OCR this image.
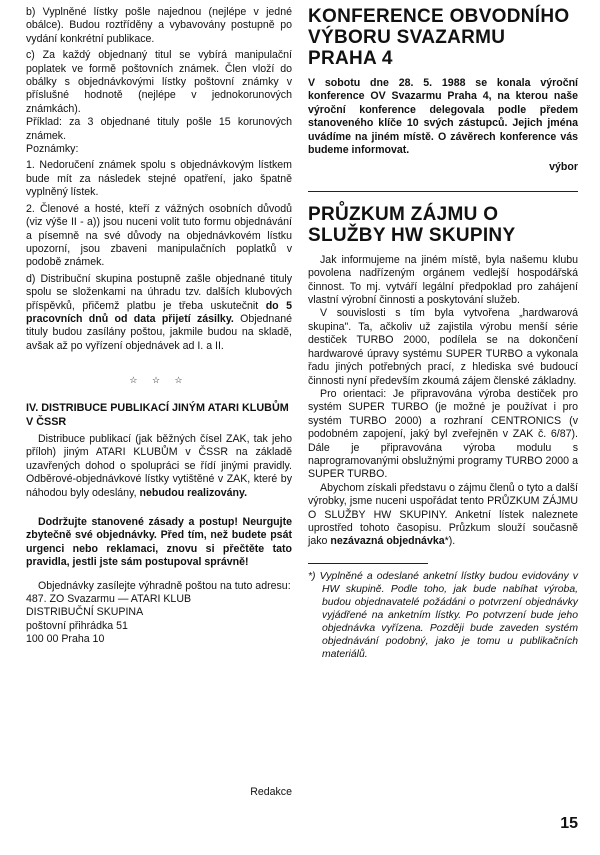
b) Vyplněné lístky pošle najednou (nejlépe v jedné obálce). Budou roztříděny a vybavovány postupně po vydání konkrétní publikace.

c) Za každý objednaný titul se vybírá manipulační poplatek ve formě poštovních známek. Člen vloží do obálky s objednávkovými lístky poštovní známky v příslušné hodnotě (nejlépe v jednokorunových známkách).

Příklad: za 3 objednané tituly pošle 15 korunových známek.

Poznámky:

1. Nedoručení známek spolu s objednávkovým lístkem bude mít za následek stejné opatření, jako špatně vyplněný lístek.

2. Členové a hosté, kteří z vážných osobních důvodů (viz výše II - a)) jsou nuceni volit tuto formu objednávání a písemně na své důvody na objednávkovém lístku upozorní, jsou zbaveni manipulačních poplatků v podobě známek.

d) Distribuční skupina postupně zašle objednané tituly spolu se složenkami na úhradu tzv. dalších klubových příspěvků, přičemž platbu je třeba uskutečnit do 5 pracovních dnů od data přijetí zásilky. Objednané tituly budou zasílány poštou, jakmile budou na skladě, avšak až po vyřízení objednávek ad I. a II.

☆ ☆ ☆
IV. DISTRIBUCE PUBLIKACÍ JINÝM ATARI KLUBŮM V ČSSR

Distribuce publikací (jak běžných čísel ZAK, tak jeho příloh) jiným ATARI KLUBŮM v ČSSR na základě uzavřených dohod o spolupráci se řídí jinými pravidly. Odběrové-objednávkové lístky vytištěné v ZAK, které by náhodou byly odeslány, nebudou realizovány.

Dodržujte stanovené zásady a postup! Neurgujte zbytečně své objednávky. Před tím, než budete psát urgenci nebo reklamaci, znovu si přečtěte tato pravidla, jestli jste sám postupoval správně!

Objednávky zasílejte výhradně poštou na tuto adresu:

487. ZO Svazarmu — ATARI KLUB

DISTRIBUČNÍ SKUPINA

poštovní přihrádka 51

100 00 Praha 10

Redakce
KONFERENCE OBVODNÍHO VÝBORU SVAZARMU PRAHA 4

V sobotu dne 28. 5. 1988 se konala výroční konference OV Svazarmu Praha 4, na kterou naše výroční konference delegovala podle předem stanoveného klíče 10 svých zástupců. Jejich jména uvádíme na jiném místě. O závěrech konference vás budeme informovat.

výbor
PRŮZKUM ZÁJMU O SLUŽBY HW SKUPINY

Jak informujeme na jiném místě, byla našemu klubu povolena nadřízeným orgánem vedlejší hospodářská činnost. To mj. vytváří legální předpoklad pro zahájení vlastní výrobní činnosti a poskytování služeb.

V souvislosti s tím byla vytvořena „hardwarová skupina". Ta, ačkoliv už zajistila výrobu menší série destiček TURBO 2000, podílela se na dokončení hardwarové úpravy systému SUPER TURBO a vykonala řadu jiných potřebných prací, z hlediska své budoucí činnosti nyní především zkoumá zájem členské základny.

Pro orientaci: Je připravována výroba destiček pro systém SUPER TURBO (je možné je používat i pro systém TURBO 2000) a rozhraní CENTRONICS (v podobném zapojení, jaký byl zveřejněn v ZAK č. 6/87). Dále je připravována výroba modulu s naprogramovanými obslužnými programy TURBO 2000 a SUPER TURBO.

Abychom získali představu o zájmu členů o tyto a další výrobky, jsme nuceni uspořádat tento PRŮZKUM ZÁJMU O SLUŽBY HW SKUPINY. Anketní lístek naleznete uprostřed tohoto časopisu. Průzkum slouží současně jako nezávazná objednávka*).

*) Vyplněné a odeslané anketní lístky budou evidovány v HW skupině. Podle toho, jak bude nabíhat výroba, budou objednavatelé požádáni o potvrzení objednávky vyjádřené na anketním lístky. Po potvrzení bude jeho objednávka vyřízena. Později bude zaveden systém objednávání podobný, jako je tomu u publikačních materiálů.

15
